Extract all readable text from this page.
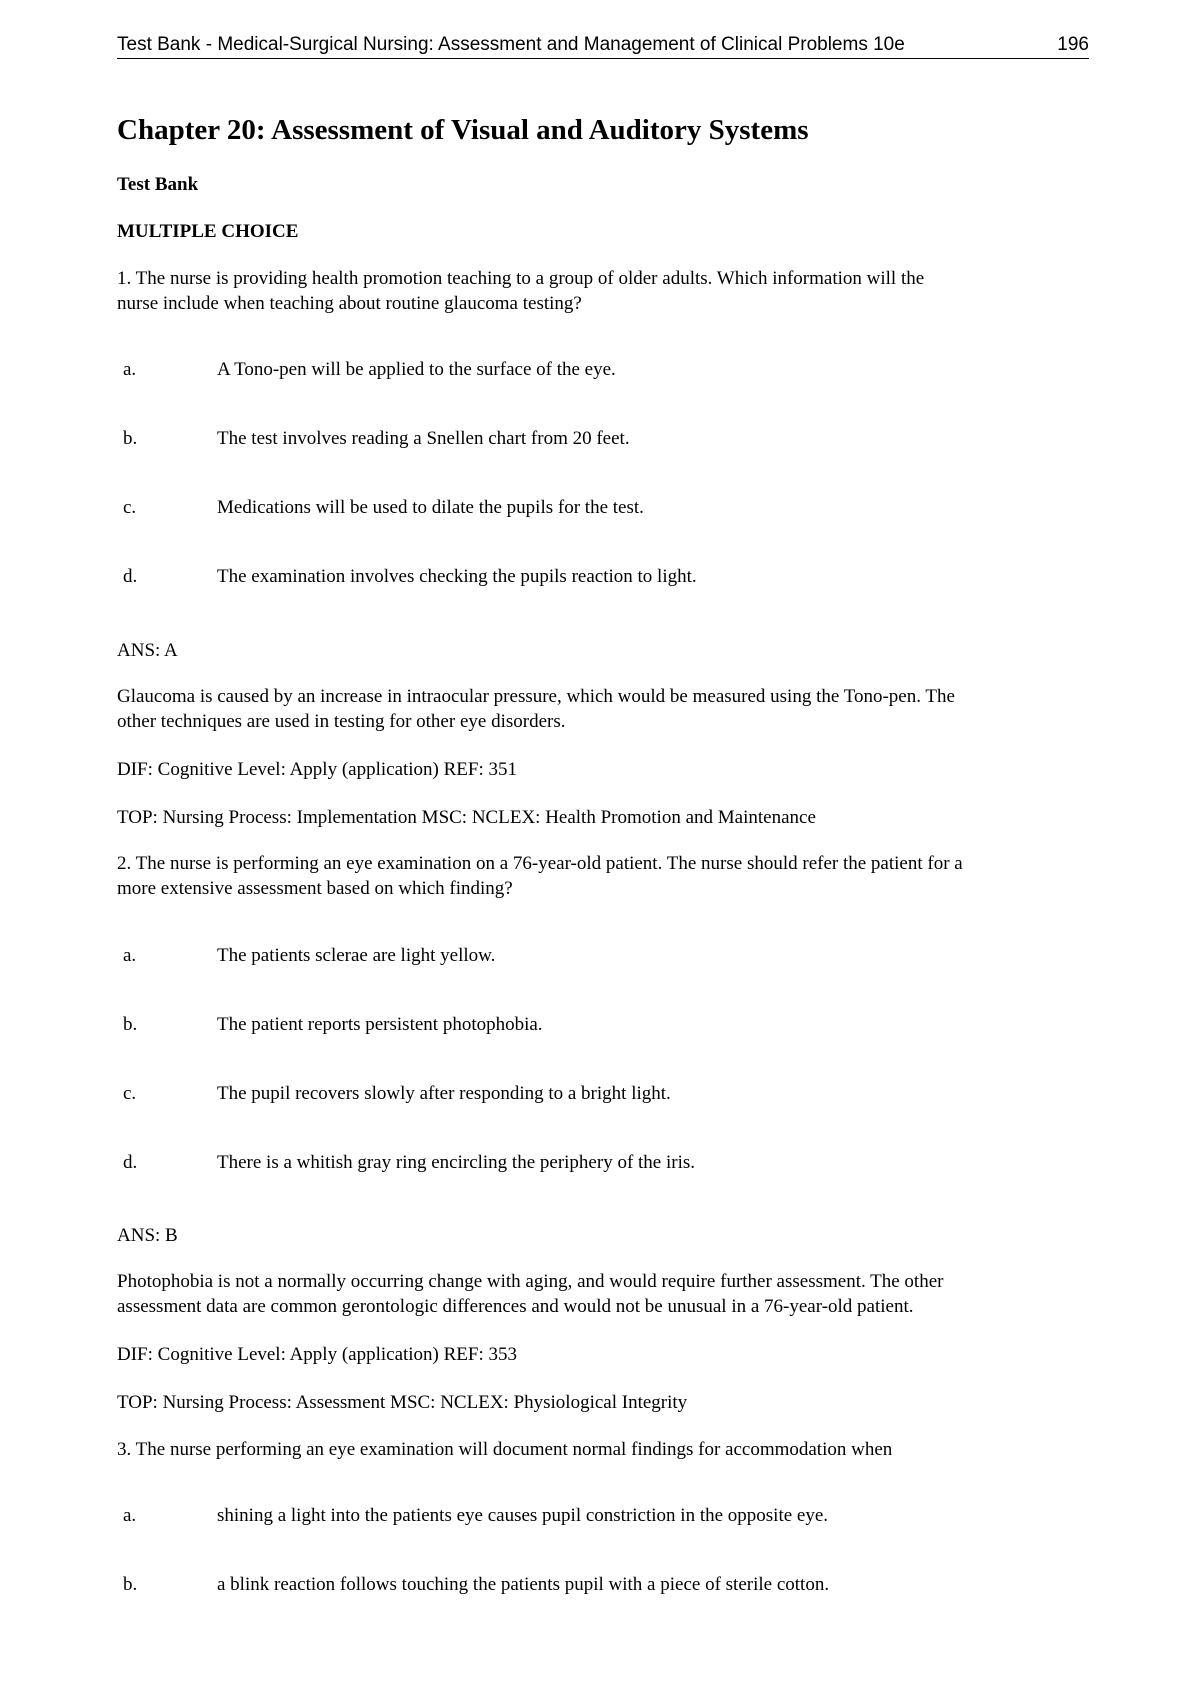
Test Bank - Medical-Surgical Nursing: Assessment and Management of Clinical Problems 10e	196
Chapter 20: Assessment of Visual and Auditory Systems
Test Bank
MULTIPLE CHOICE
1. The nurse is providing health promotion teaching to a group of older adults. Which information will the
nurse include when teaching about routine glaucoma testing?
a.	A Tono-pen will be applied to the surface of the eye.
b.	The test involves reading a Snellen chart from 20 feet.
c.	Medications will be used to dilate the pupils for the test.
d.	The examination involves checking the pupils reaction to light.
ANS: A
Glaucoma is caused by an increase in intraocular pressure, which would be measured using the Tono-pen. The
other techniques are used in testing for other eye disorders.
DIF: Cognitive Level: Apply (application) REF: 351
TOP: Nursing Process: Implementation MSC: NCLEX: Health Promotion and Maintenance
2. The nurse is performing an eye examination on a 76-year-old patient. The nurse should refer the patient for a
more extensive assessment based on which finding?
a.	The patients sclerae are light yellow.
b.	The patient reports persistent photophobia.
c.	The pupil recovers slowly after responding to a bright light.
d.	There is a whitish gray ring encircling the periphery of the iris.
ANS: B
Photophobia is not a normally occurring change with aging, and would require further assessment. The other
assessment data are common gerontologic differences and would not be unusual in a 76-year-old patient.
DIF: Cognitive Level: Apply (application) REF: 353
TOP: Nursing Process: Assessment MSC: NCLEX: Physiological Integrity
3. The nurse performing an eye examination will document normal findings for accommodation when
a.	shining a light into the patients eye causes pupil constriction in the opposite eye.
b.	a blink reaction follows touching the patients pupil with a piece of sterile cotton.
